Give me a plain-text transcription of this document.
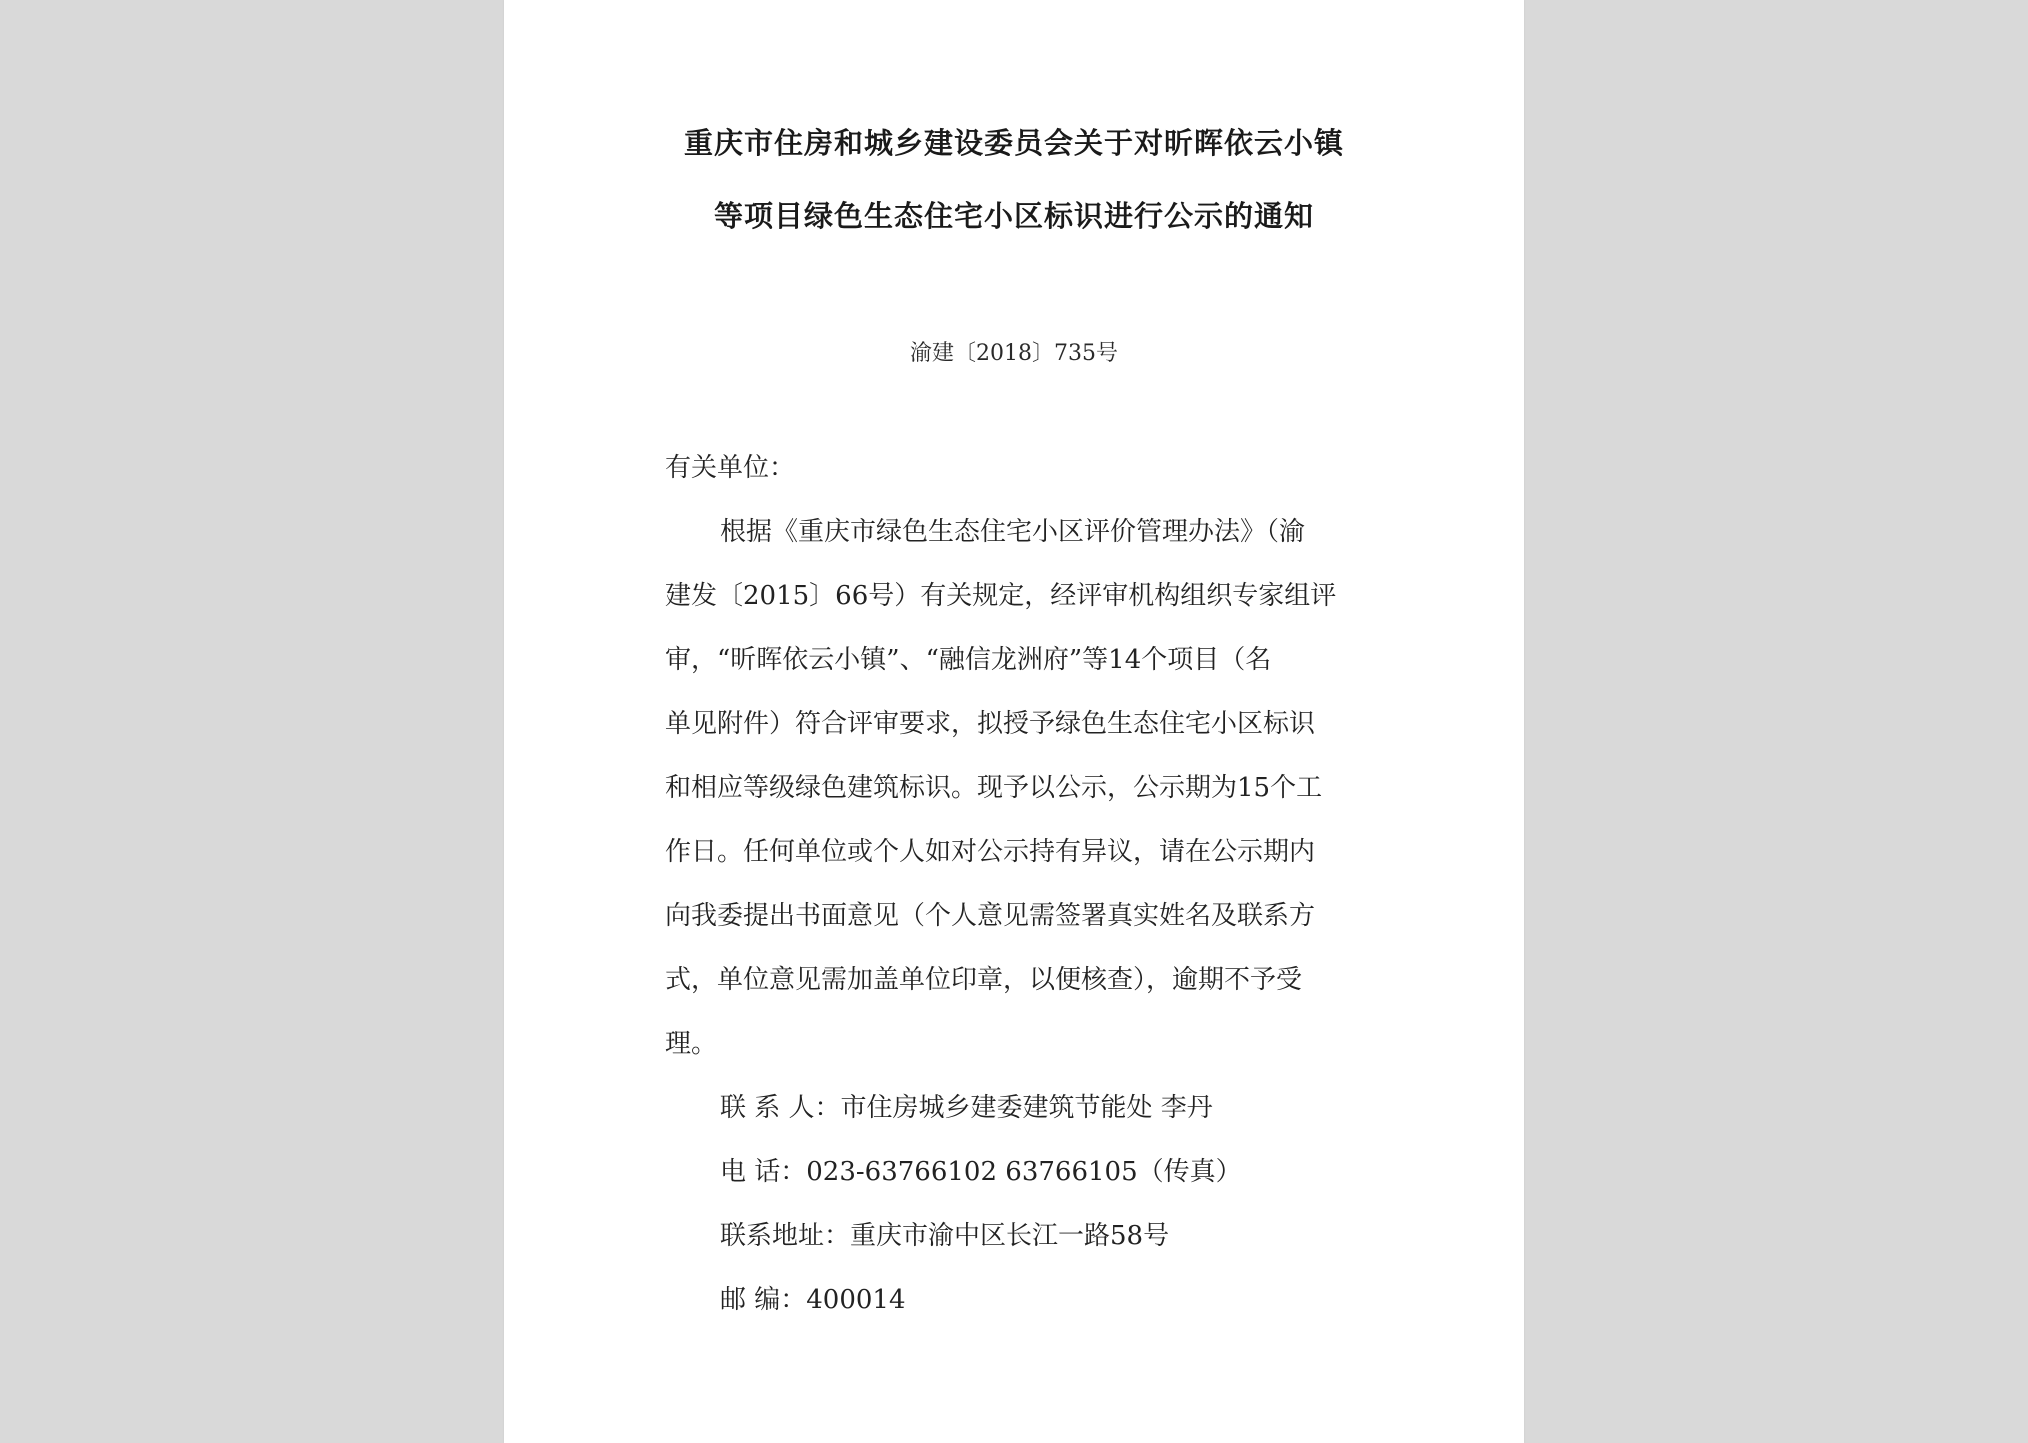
重庆市住房和城乡建设委员会关于对昕晖依云小镇
等项目绿色生态住宅小区标识进行公示的通知
渝建〔2018〕735号
有关单位：
根据《重庆市绿色生态住宅小区评价管理办法》（渝
建发〔2015〕66号）有关规定，经评审机构组织专家组评
审，“昕晖依云小镇”、“融信龙洲府”等14个项目（名
单见附件）符合评审要求，拟授予绿色生态住宅小区标识
和相应等级绿色建筑标识。现予以公示，公示期为15个工
作日。任何单位或个人如对公示持有异议，请在公示期内
向我委提出书面意见（个人意见需签署真实姓名及联系方
式，单位意见需加盖单位印章，以便核查），逾期不予受
理。
联 系 人：市住房城乡建委建筑节能处 李丹
电 话：023-63766102 63766105（传真）
联系地址：重庆市渝中区长江一路58号
邮 编：400014
